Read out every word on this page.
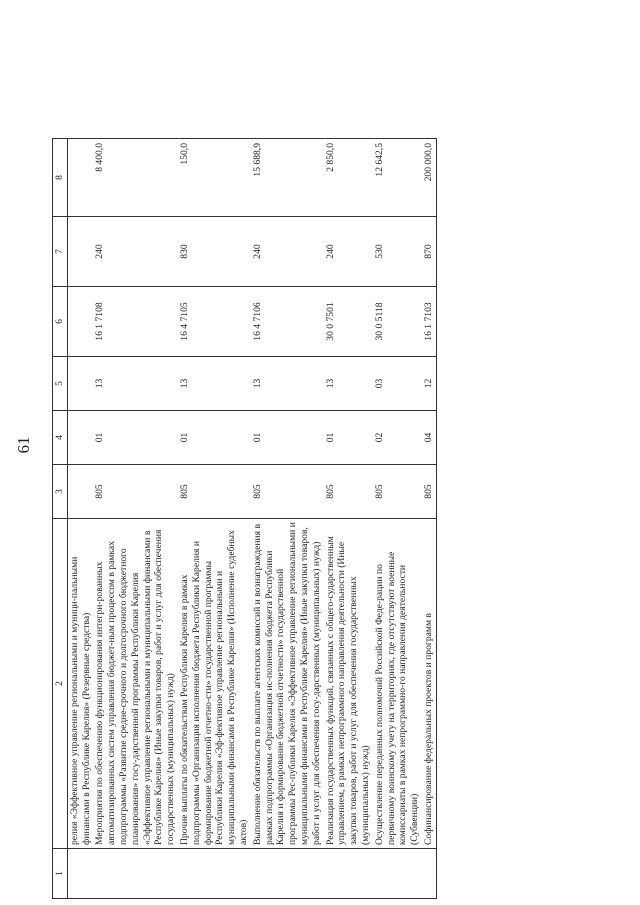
61
1	2	3	4	5	6	7	8
	релия «Эффективное управление региональными и муници-пальными финансами в Республике Карелия» (Резервные средства)						
	Мероприятия по обеспечению функционирования интегри-рованных автоматизированных систем управления бюджет-ным процессом в рамках подпрограммы «Развитие средне-срочного и долгосрочного бюджетного планирования» госу-дарственной программы Республики Карелия «Эффективное управление региональными и муниципальными финансами в Республике Карелия» (Иные закупки товаров, работ и услуг для обеспечения государственных (муниципальных) нужд)	805	01	13	16 1 7108	240	8 400,0
	Прочие выплаты по обязательствам Республики Карелия в рамках подпрограммы «Организация исполнения бюджета Республики Карелия и формирование бюджетной отчетно-сти» государственной программы Республики Карелия «Эф-фективное управление региональными и муниципальными финансами в Республике Карелия» (Исполнение судебных актов)	805	01	13	16 4 7105	830	150,0
	Выполнение обязательств по выплате агентских комиссий и вознаграждения в рамках подпрограммы «Организация ис-полнения бюджета Республики Карелия и формирование бюджетной отчетности» государственной программы Рес-публики Карелия «Эффективное управление региональными и муниципальными финансами в Республике Карелия» (Иные закупки товаров, работ и услуг для обеспечения госу-дарственных (муниципальных) нужд)	805	01	13	16 4 7106	240	15 688,9
	Реализация государственных функций, связанных с общего-сударственным управлением, в рамках непрограммного направления деятельности (Иные закупки товаров, работ и услуг для обеспечения государственных (муниципальных) нужд)	805	01	13	30 0 7501	240	2 850,0
	Осуществление переданных полномочий Российской Феде-рации по первичному воинскому учету на территориях, где отсутствуют военные комиссариаты в рамках непрограммно-го направления деятельности (Субвенции)	805	02	03	30 0 5118	530	12 642,5
	Софинансирование федеральных проектов и программ в	805	04	12	16 1 7103	870	200 000,0
